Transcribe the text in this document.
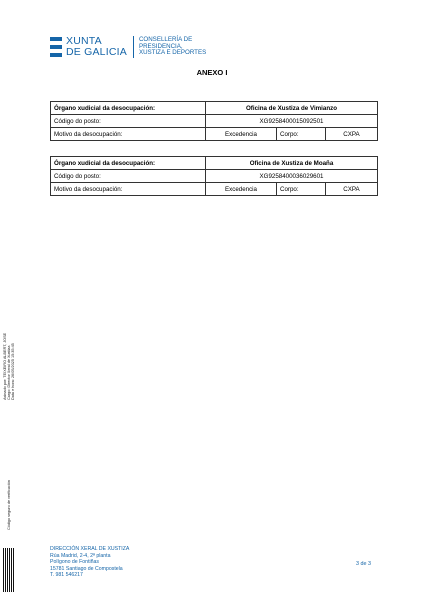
XUNTA
DE GALICIA
CONSELLERÍA DE
PRESIDENCIA,
XUSTIZA E DEPORTES
ANEXO I
Órgano xudicial da desocupación:	Oficina de Xustiza de Vimianzo		
Código do posto:	XG9258400015092501		
Motivo da desocupación:	Excedencia	Corpo:	CXPA
Órgano xudicial da desocupación:	Oficina de Xustiza de Moaña		
Código do posto:	XG9258400036029601		
Motivo da desocupación:	Excedencia	Corpo:	CXPA
Asinado por: TEIXEIRO ALBERT, JOSE Cargo: Director Xeral de Xustiza Data e hora: 26/05/2025 15:35:45
Código seguro de verificación
DIRECCIÓN XERAL DE XUSTIZA
Rúa Madrid, 2-4, 2ª planta
Polígono de Fontiñas
15781 Santiago de Compostela
T. 981 546217
3 de 3
